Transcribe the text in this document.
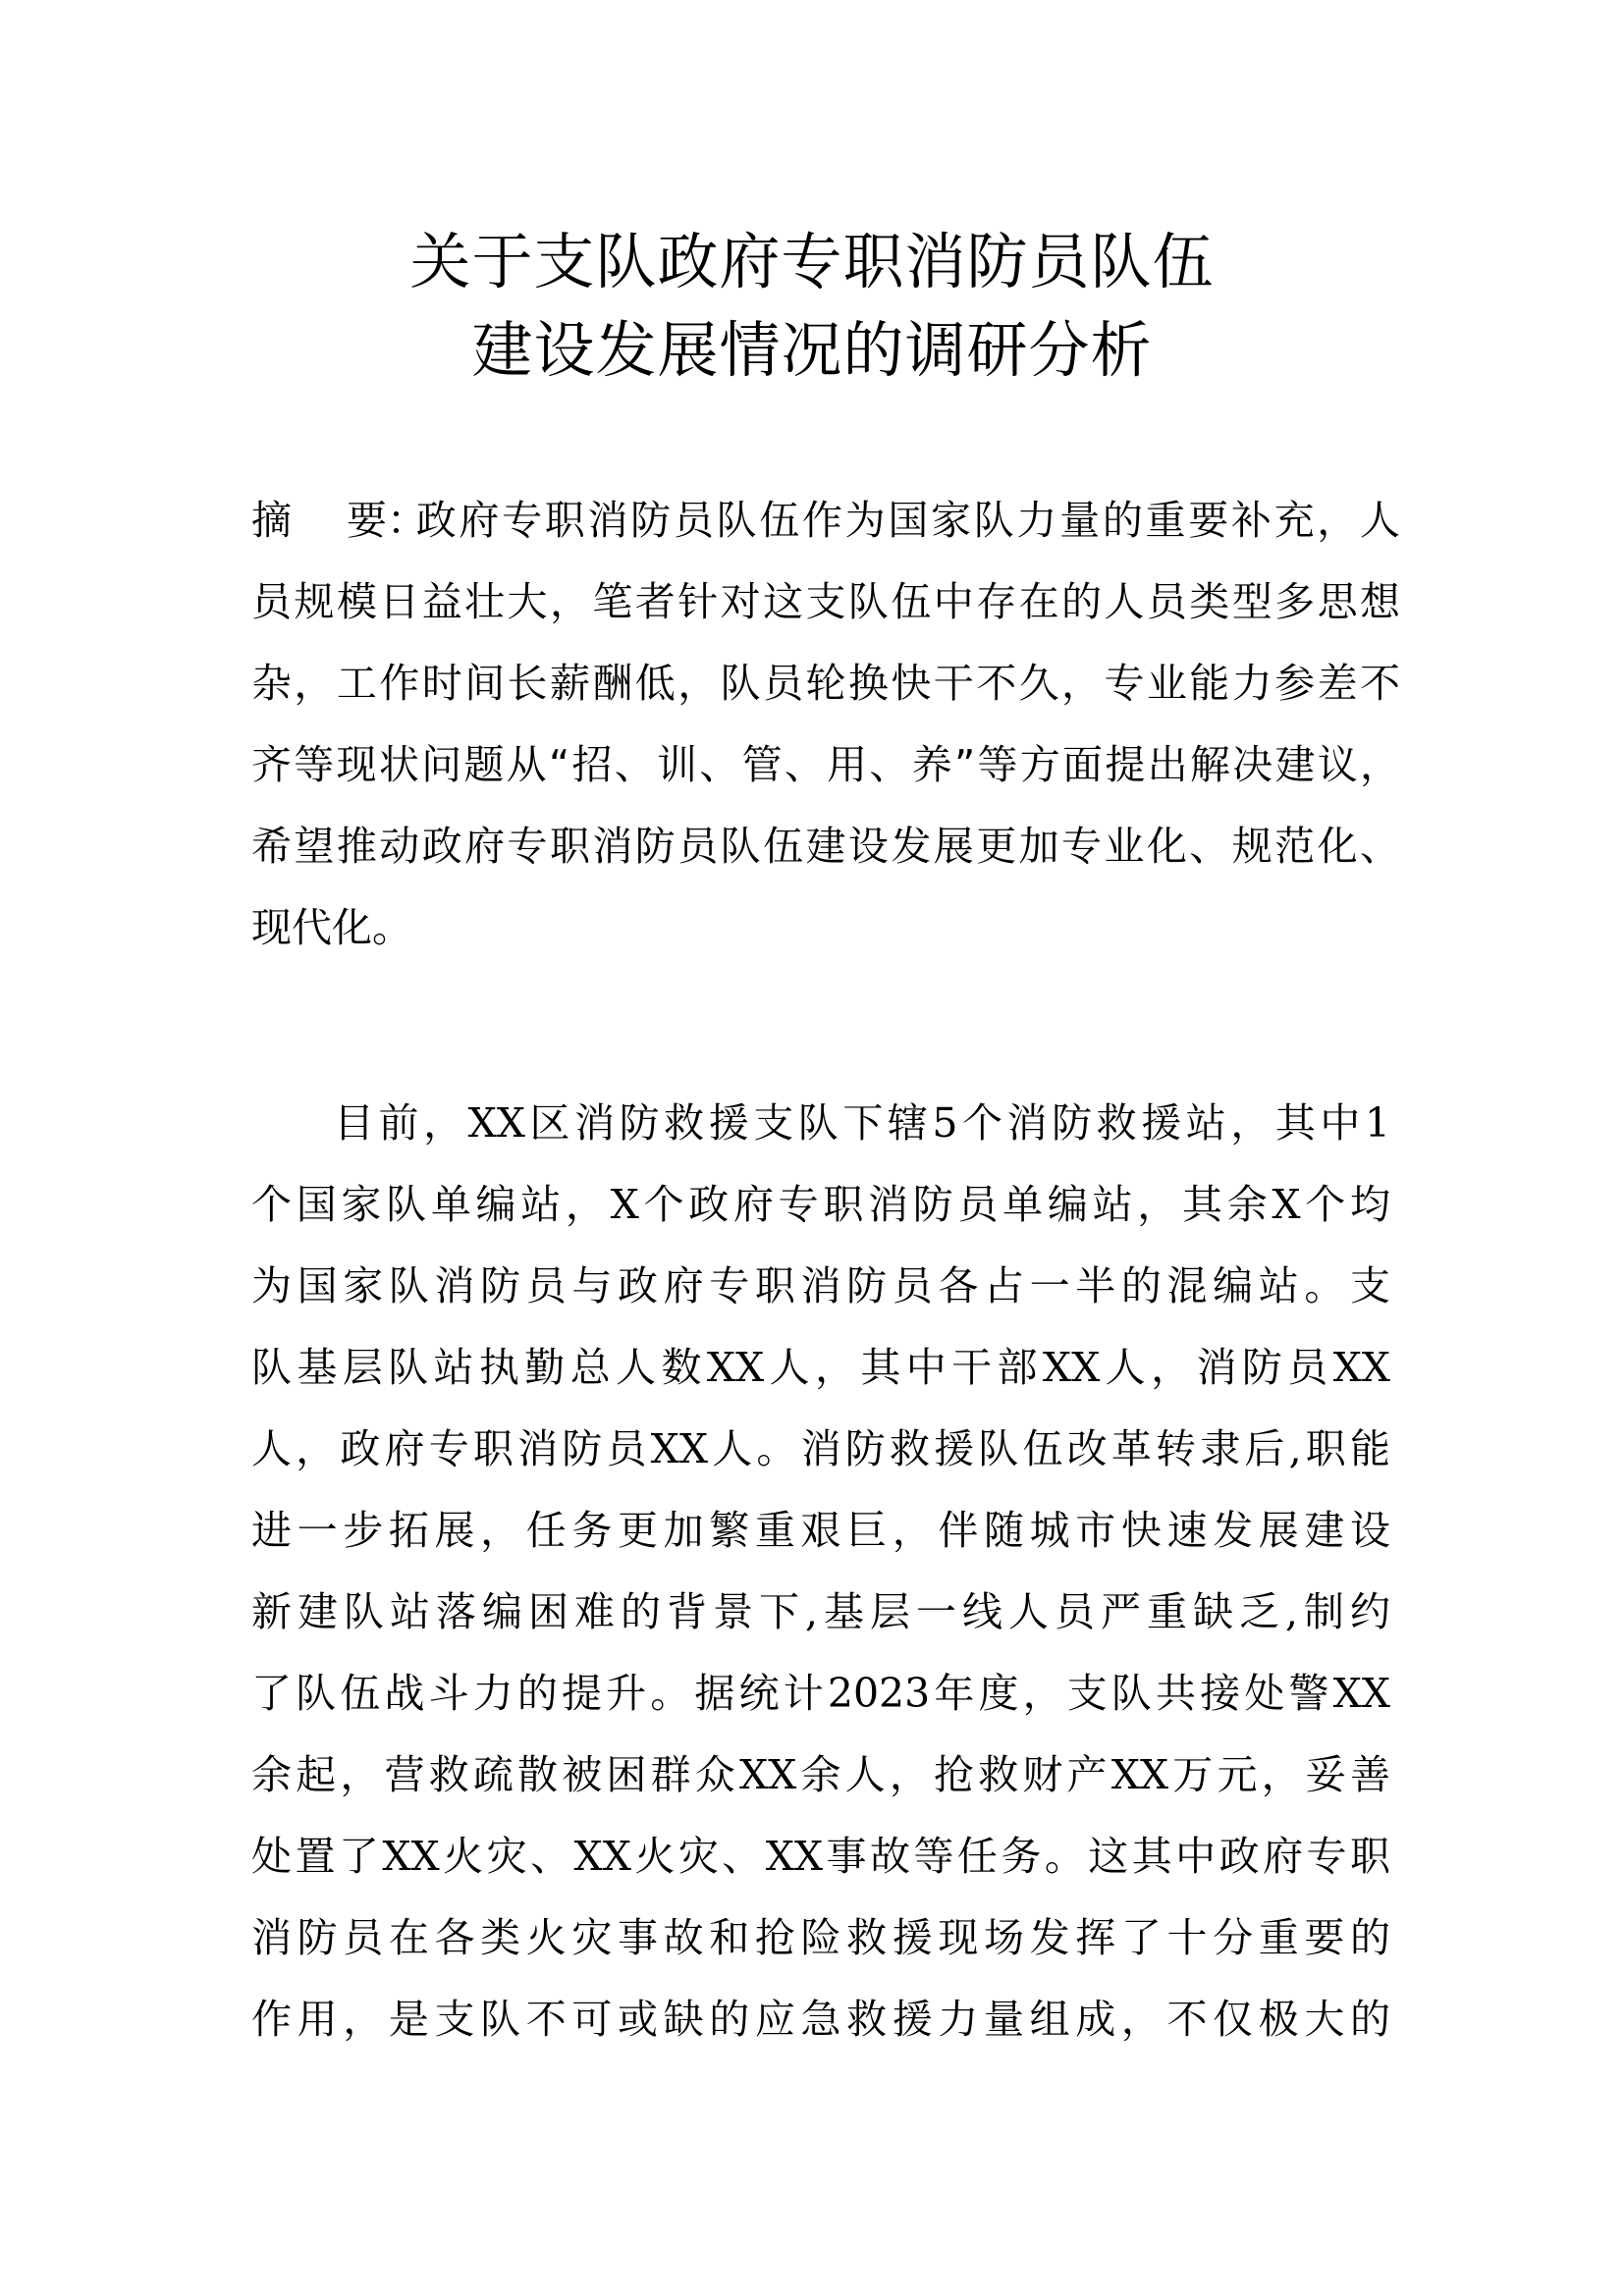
关于支队政府专职消防员队伍
建设发展情况的调研分析
摘 要：政府专职消防员队伍作为国家队力量的重要补充，人
员规模日益壮大，笔者针对这支队伍中存在的人员类型多思想
杂，工作时间长薪酬低，队员轮换快干不久，专业能力参差不
齐等现状问题从“招、训、管、用、养”等方面提出解决建议，
希望推动政府专职消防员队伍建设发展更加专业化、规范化、
现代化。
目前，XX区消防救援支队下辖5个消防救援站，其中1
个国家队单编站，X个政府专职消防员单编站，其余X个均
为国家队消防员与政府专职消防员各占一半的混编站。支
队基层队站执勤总人数XX人，其中干部XX人，消防员XX
人，政府专职消防员XX人。消防救援队伍改革转隶后,职能
进一步拓展，任务更加繁重艰巨，伴随城市快速发展建设
新建队站落编困难的背景下,基层一线人员严重缺乏,制约
了队伍战斗力的提升。据统计2023年度，支队共接处警XX
余起，营救疏散被困群众XX余人，抢救财产XX万元，妥善
处置了XX火灾、XX火灾、XX事故等任务。这其中政府专职
消防员在各类火灾事故和抢险救援现场发挥了十分重要的
作用，是支队不可或缺的应急救援力量组成，不仅极大的
